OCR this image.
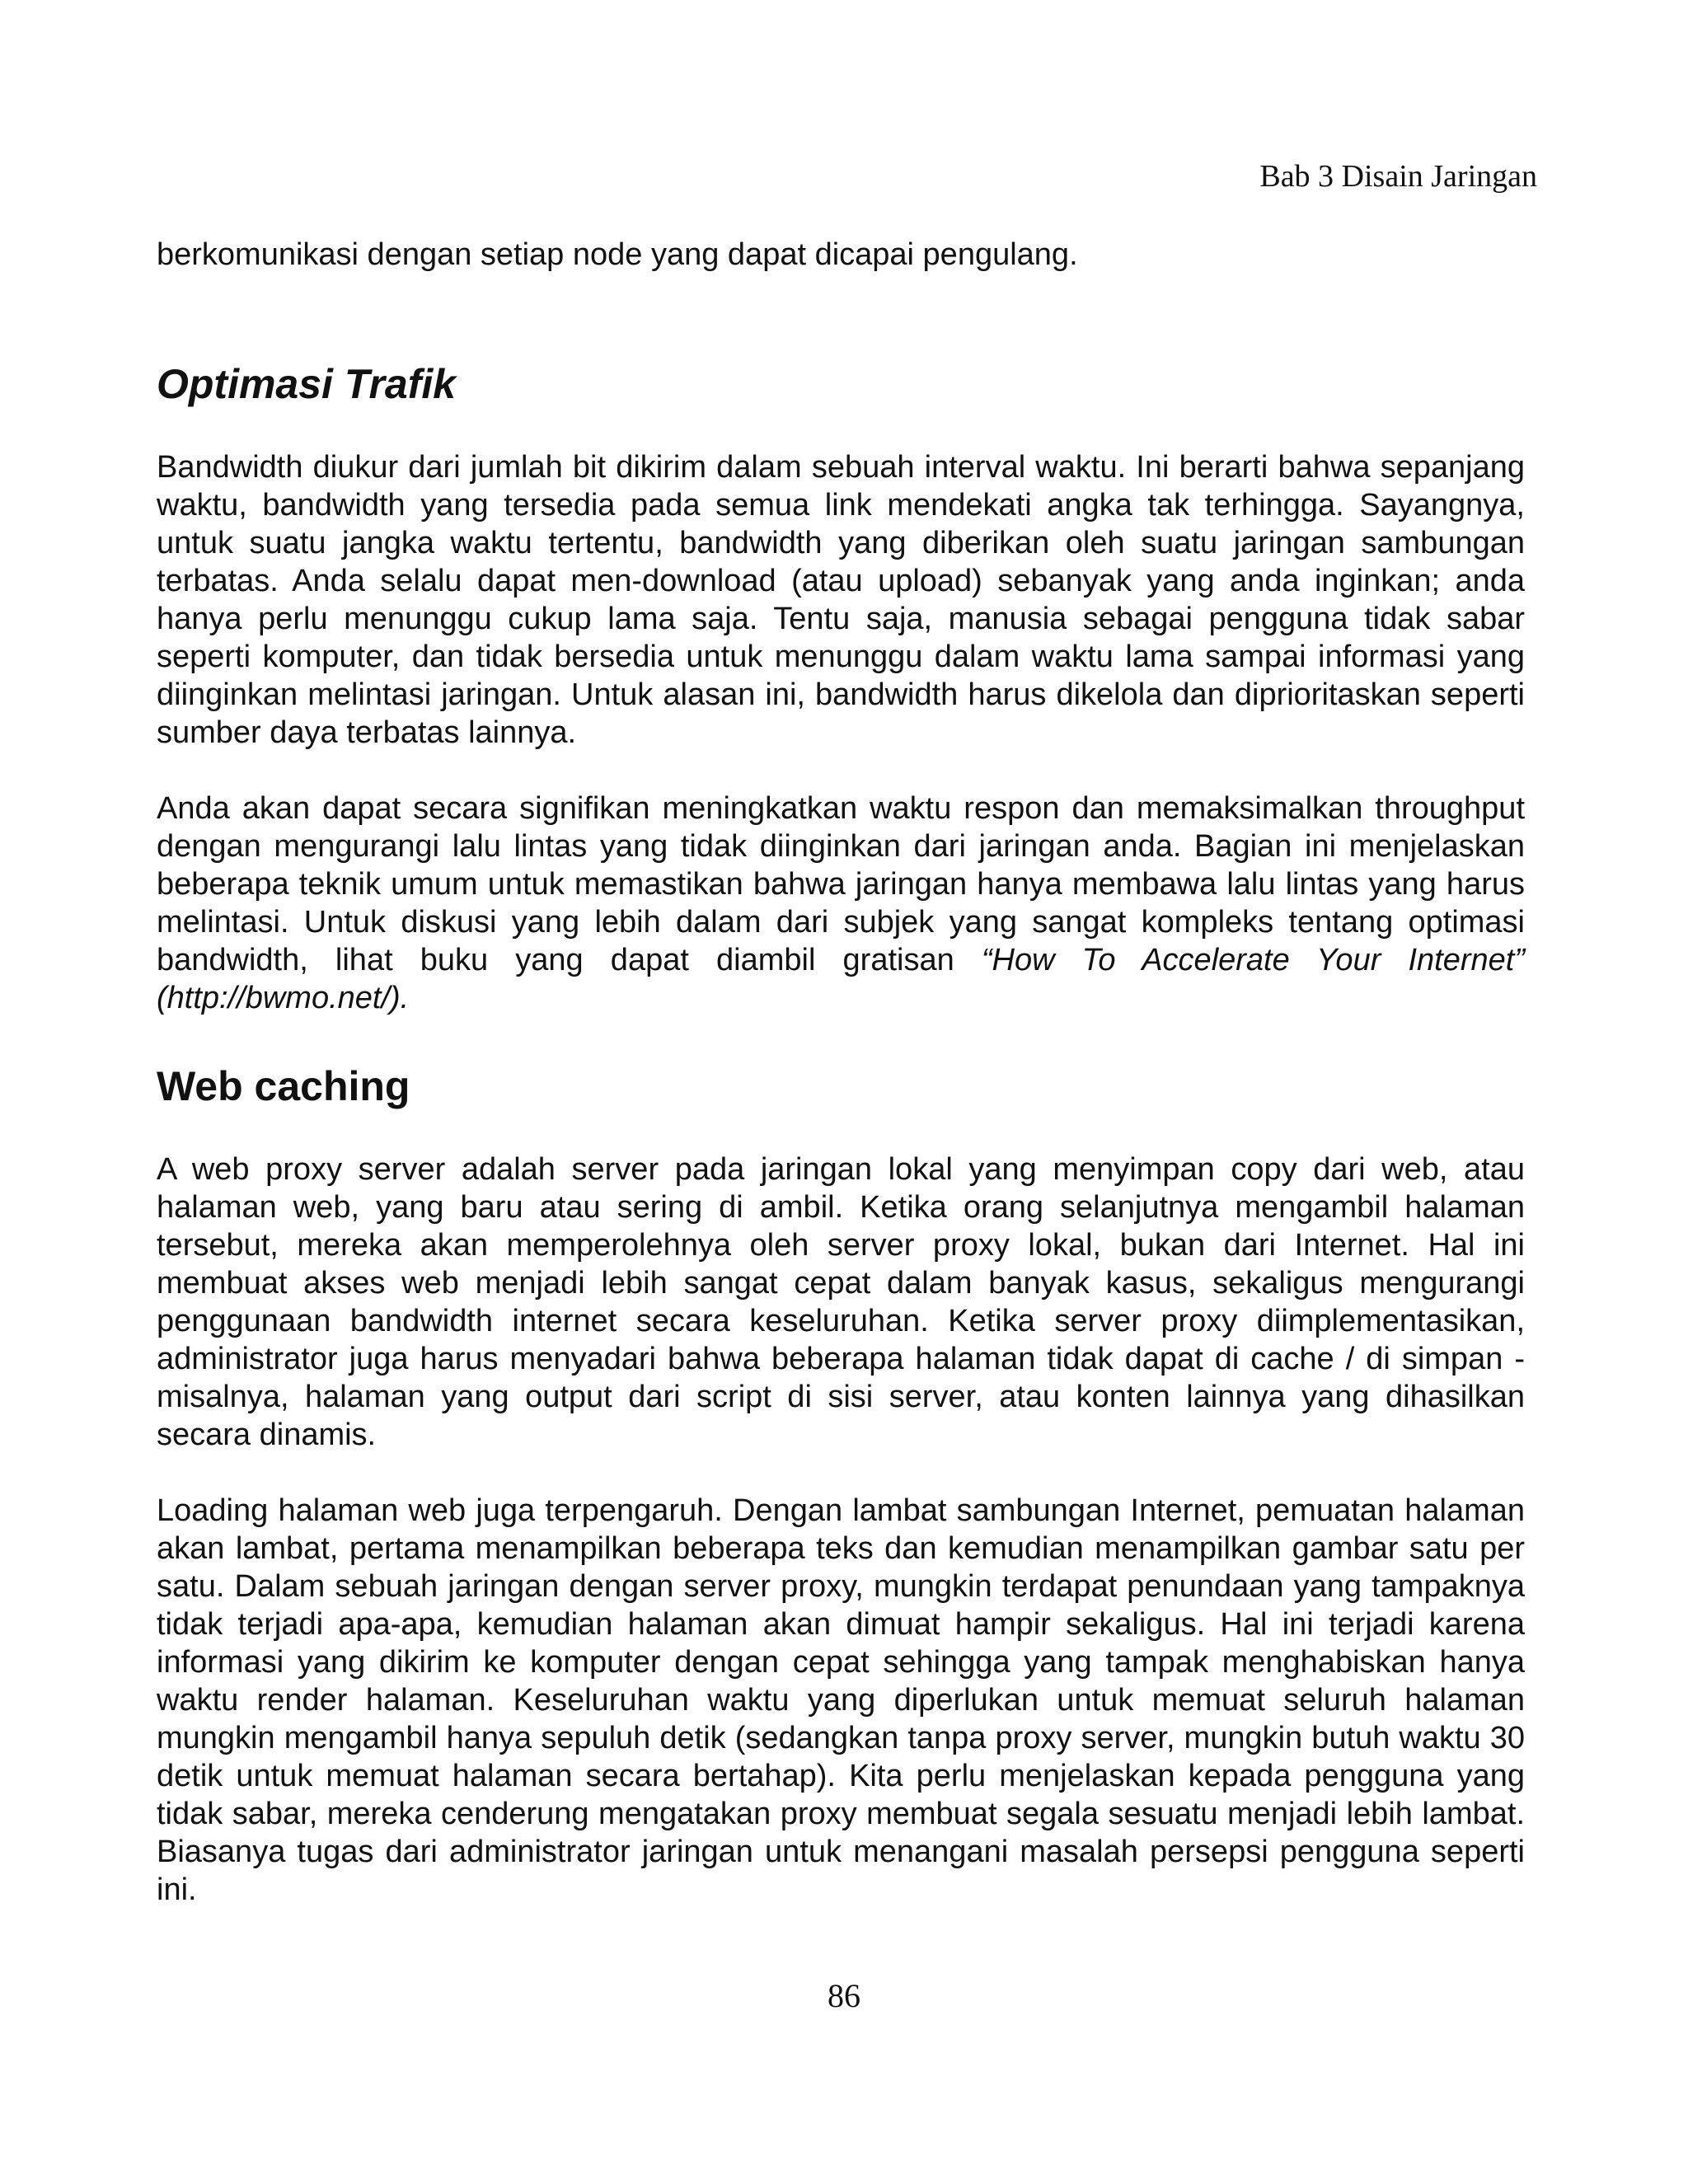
Bab 3 Disain Jaringan

berkomunikasi dengan setiap node yang dapat dicapai pengulang.

Optimasi Trafik

Bandwidth diukur dari jumlah bit dikirim dalam sebuah interval waktu. Ini berarti bahwa sepanjang waktu, bandwidth yang tersedia pada semua link mendekati angka tak terhingga. Sayangnya, untuk suatu jangka waktu tertentu, bandwidth yang diberikan oleh suatu jaringan sambungan terbatas. Anda selalu dapat men-download (atau upload) sebanyak yang anda inginkan; anda hanya perlu menunggu cukup lama saja. Tentu saja, manusia sebagai pengguna tidak sabar seperti komputer, dan tidak bersedia untuk menunggu dalam waktu lama sampai informasi yang diinginkan melintasi jaringan. Untuk alasan ini, bandwidth harus dikelola dan diprioritaskan seperti sumber daya terbatas lainnya.

Anda akan dapat secara signifikan meningkatkan waktu respon dan memaksimalkan throughput dengan mengurangi lalu lintas yang tidak diinginkan dari jaringan anda. Bagian ini menjelaskan beberapa teknik umum untuk memastikan bahwa jaringan hanya membawa lalu lintas yang harus melintasi. Untuk diskusi yang lebih dalam dari subjek yang sangat kompleks tentang optimasi bandwidth, lihat buku yang dapat diambil gratisan “How To Accelerate Your Internet” (http://bwmo.net/).

Web caching

A web proxy server adalah server pada jaringan lokal yang menyimpan copy dari web, atau halaman web, yang baru atau sering di ambil. Ketika orang selanjutnya mengambil halaman tersebut, mereka akan memperolehnya oleh server proxy lokal, bukan dari Internet. Hal ini membuat akses web menjadi lebih sangat cepat dalam banyak kasus, sekaligus mengurangi penggunaan bandwidth internet secara keseluruhan. Ketika server proxy diimplementasikan, administrator juga harus menyadari bahwa beberapa halaman tidak dapat di cache / di simpan - misalnya, halaman yang output dari script di sisi server, atau konten lainnya yang dihasilkan secara dinamis.

Loading halaman web juga terpengaruh. Dengan lambat sambungan Internet, pemuatan halaman akan lambat, pertama menampilkan beberapa teks dan kemudian menampilkan gambar satu per satu. Dalam sebuah jaringan dengan server proxy, mungkin terdapat penundaan yang tampaknya tidak terjadi apa-apa, kemudian halaman akan dimuat hampir sekaligus. Hal ini terjadi karena informasi yang dikirim ke komputer dengan cepat sehingga yang tampak menghabiskan hanya waktu render halaman. Keseluruhan waktu yang diperlukan untuk memuat seluruh halaman mungkin mengambil hanya sepuluh detik (sedangkan tanpa proxy server, mungkin butuh waktu 30 detik untuk memuat halaman secara bertahap). Kita perlu menjelaskan kepada pengguna yang tidak sabar, mereka cenderung mengatakan proxy membuat segala sesuatu menjadi lebih lambat. Biasanya tugas dari administrator jaringan untuk menangani masalah persepsi pengguna seperti ini.

86
